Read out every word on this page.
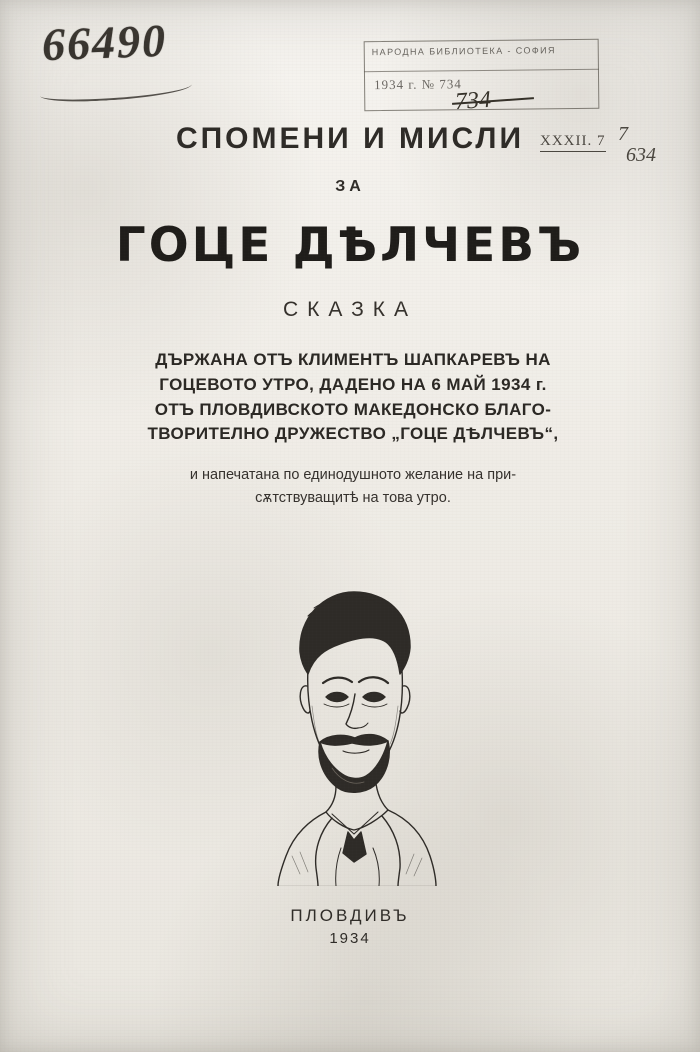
66490	НАРОДНА БИБЛИОТЕКА - СОФИЯ
1934 г. № 734
734
XXXII. 7 7
634
СПОМЕНИ И МИСЛИ
ЗА
ГОЦЕ ДѢЛЧЕВЪ
СКАЗКА
ДЪРЖАНА ОТЪ КЛИМЕНТЪ ШАПКАРЕВЪ НА
ГОЦЕВОТО УТРО, ДАДЕНО НА 6 МАЙ 1934 г.
ОТЪ ПЛОВДИВСКОТО МАКЕДОНСКО БЛАГО-
ТВОРИТЕЛНО ДРУЖЕСТВО „ГОЦЕ ДѢЛЧЕВЪ“,
и напечатана по единодушното желание на при-
сѫтствуващитѣ на това утро.
ПЛОВДИВЪ
1934
